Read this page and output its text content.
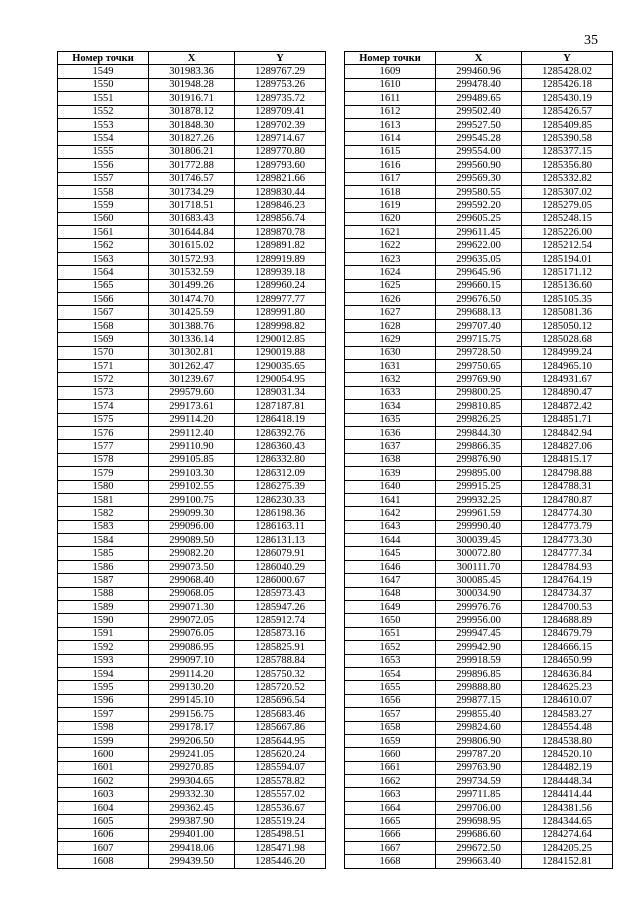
35
Номер точки	X	Y
1549	301983.36	1289767.29
1550	301948.28	1289753.26
1551	301916.71	1289735.72
1552	301878.12	1289709.41
1553	301848.30	1289702.39
1554	301827.26	1289714.67
1555	301806.21	1289770.80
1556	301772.88	1289793.60
1557	301746.57	1289821.66
1558	301734.29	1289830.44
1559	301718.51	1289846.23
1560	301683.43	1289856.74
1561	301644.84	1289870.78
1562	301615.02	1289891.82
1563	301572.93	1289919.89
1564	301532.59	1289939.18
1565	301499.26	1289960.24
1566	301474.70	1289977.77
1567	301425.59	1289991.80
1568	301388.76	1289998.82
1569	301336.14	1290012.85
1570	301302.81	1290019.88
1571	301262.47	1290035.65
1572	301239.67	1290054.95
1573	299579.60	1289031.34
1574	299173.61	1287187.81
1575	299114.20	1286418.19
1576	299112.40	1286392.76
1577	299110.90	1286360.43
1578	299105.85	1286332.80
1579	299103.30	1286312.09
1580	299102.55	1286275.39
1581	299100.75	1286230.33
1582	299099.30	1286198.36
1583	299096.00	1286163.11
1584	299089.50	1286131.13
1585	299082.20	1286079.91
1586	299073.50	1286040.29
1587	299068.40	1286000.67
1588	299068.05	1285973.43
1589	299071.30	1285947.26
1590	299072.05	1285912.74
1591	299076.05	1285873.16
1592	299086.95	1285825.91
1593	299097.10	1285788.84
1594	299114.20	1285750.32
1595	299130.20	1285720.52
1596	299145.10	1285696.54
1597	299156.75	1285683.46
1598	299178.17	1285667.86
1599	299206.50	1285644.95
1600	299241.05	1285620.24
1601	299270.85	1285594.07
1602	299304.65	1285578.82
1603	299332.30	1285557.02
1604	299362.45	1285536.67
1605	299387.90	1285519.24
1606	299401.00	1285498.51
1607	299418.06	1285471.98
1608	299439.50	1285446.20
Номер точки	X	Y
1609	299460.96	1285428.02
1610	299478.40	1285426.18
1611	299489.65	1285430.19
1612	299502.40	1285426.57
1613	299527.50	1285409.85
1614	299545.28	1285390.58
1615	299554.00	1285377.15
1616	299560.90	1285356.80
1617	299569.30	1285332.82
1618	299580.55	1285307.02
1619	299592.20	1285279.05
1620	299605.25	1285248.15
1621	299611.45	1285226.00
1622	299622.00	1285212.54
1623	299635.05	1285194.01
1624	299645.96	1285171.12
1625	299660.15	1285136.60
1626	299676.50	1285105.35
1627	299688.13	1285081.36
1628	299707.40	1285050.12
1629	299715.75	1285028.68
1630	299728.50	1284999.24
1631	299750.65	1284965.10
1632	299769.90	1284931.67
1633	299800.25	1284890.47
1634	299810.85	1284872.42
1635	299826.25	1284851.71
1636	299844.30	1284842.94
1637	299866.35	1284827.06
1638	299876.90	1284815.17
1639	299895.00	1284798.88
1640	299915.25	1284788.31
1641	299932.25	1284780.87
1642	299961.59	1284774.30
1643	299990.40	1284773.79
1644	300039.45	1284773.30
1645	300072.80	1284777.34
1646	300111.70	1284784.93
1647	300085.45	1284764.19
1648	300034.90	1284734.37
1649	299976.76	1284700.53
1650	299956.00	1284688.89
1651	299947.45	1284679.79
1652	299942.90	1284666.15
1653	299918.59	1284650.99
1654	299896.85	1284636.84
1655	299888.80	1284625.23
1656	299877.15	1284610.07
1657	299855.40	1284583.27
1658	299824.60	1284554.48
1659	299806.90	1284538.80
1660	299787.20	1284520.10
1661	299763.90	1284482.19
1662	299734.59	1284448.34
1663	299711.85	1284414.44
1664	299706.00	1284381.56
1665	299698.95	1284344.65
1666	299686.60	1284274.64
1667	299672.50	1284205.25
1668	299663.40	1284152.81
